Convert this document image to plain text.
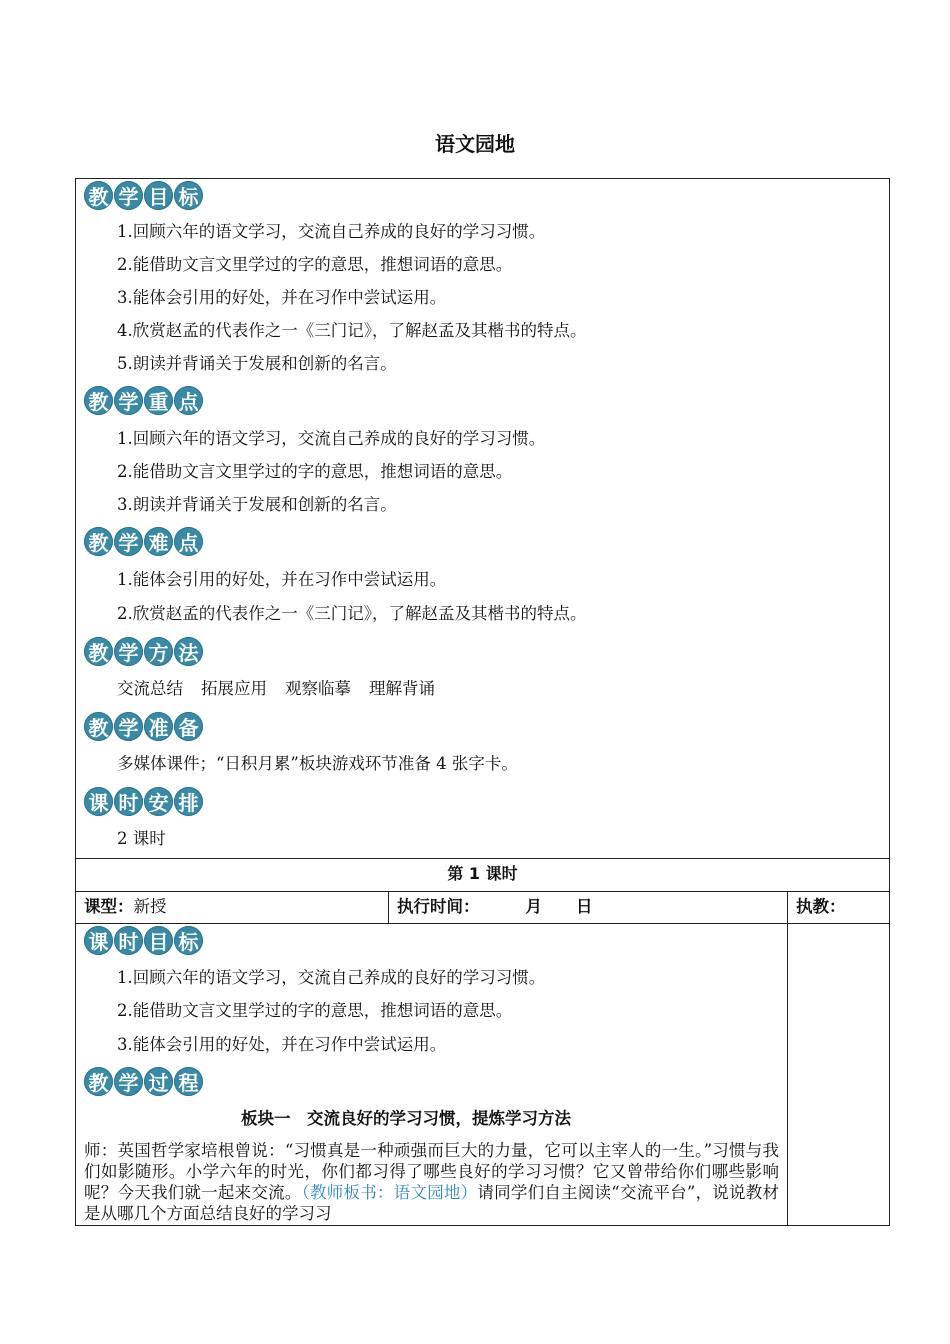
语文园地
教 学 目 标
1.回顾六年的语文学习，交流自己养成的良好的学习习惯。
2.能借助文言文里学过的字的意思，推想词语的意思。
3.能体会引用的好处，并在习作中尝试运用。
4.欣赏赵孟的代表作之一《三门记》，了解赵孟及其楷书的特点。
5.朗读并背诵关于发展和创新的名言。
教 学 重 点
1.回顾六年的语文学习，交流自己养成的良好的学习习惯。
2.能借助文言文里学过的字的意思，推想词语的意思。
3.朗读并背诵关于发展和创新的名言。
教 学 难 点
1.能体会引用的好处，并在习作中尝试运用。
2.欣赏赵孟的代表作之一《三门记》，了解赵孟及其楷书的特点。
教 学 方 法
交流总结 拓展应用 观察临摹 理解背诵
教 学 准 备
多媒体课件；“日积月累”板块游戏环节准备 4 张字卡。
课 时 安 排
2 课时
第 1 课时
课型：新授	执行时间：	月 日	执教：
课 时 目 标
1.回顾六年的语文学习，交流自己养成的良好的学习习惯。
2.能借助文言文里学过的字的意思，推想词语的意思。
3.能体会引用的好处，并在习作中尝试运用。
教 学 过 程
板块一　交流良好的学习习惯，提炼学习方法
师：英国哲学家培根曾说：“习惯真是一种顽强而巨大的力量，它可以主宰人的一生。”习惯与我们如影随形。小学六年的时光，你们都习得了哪些良好的学习习惯？它又曾带给你们哪些影响呢？今天我们就一起来交流。（教师板书：语文园地）请同学们自主阅读“交流平台”，说说教材是从哪几个方面总结良好的学习习
